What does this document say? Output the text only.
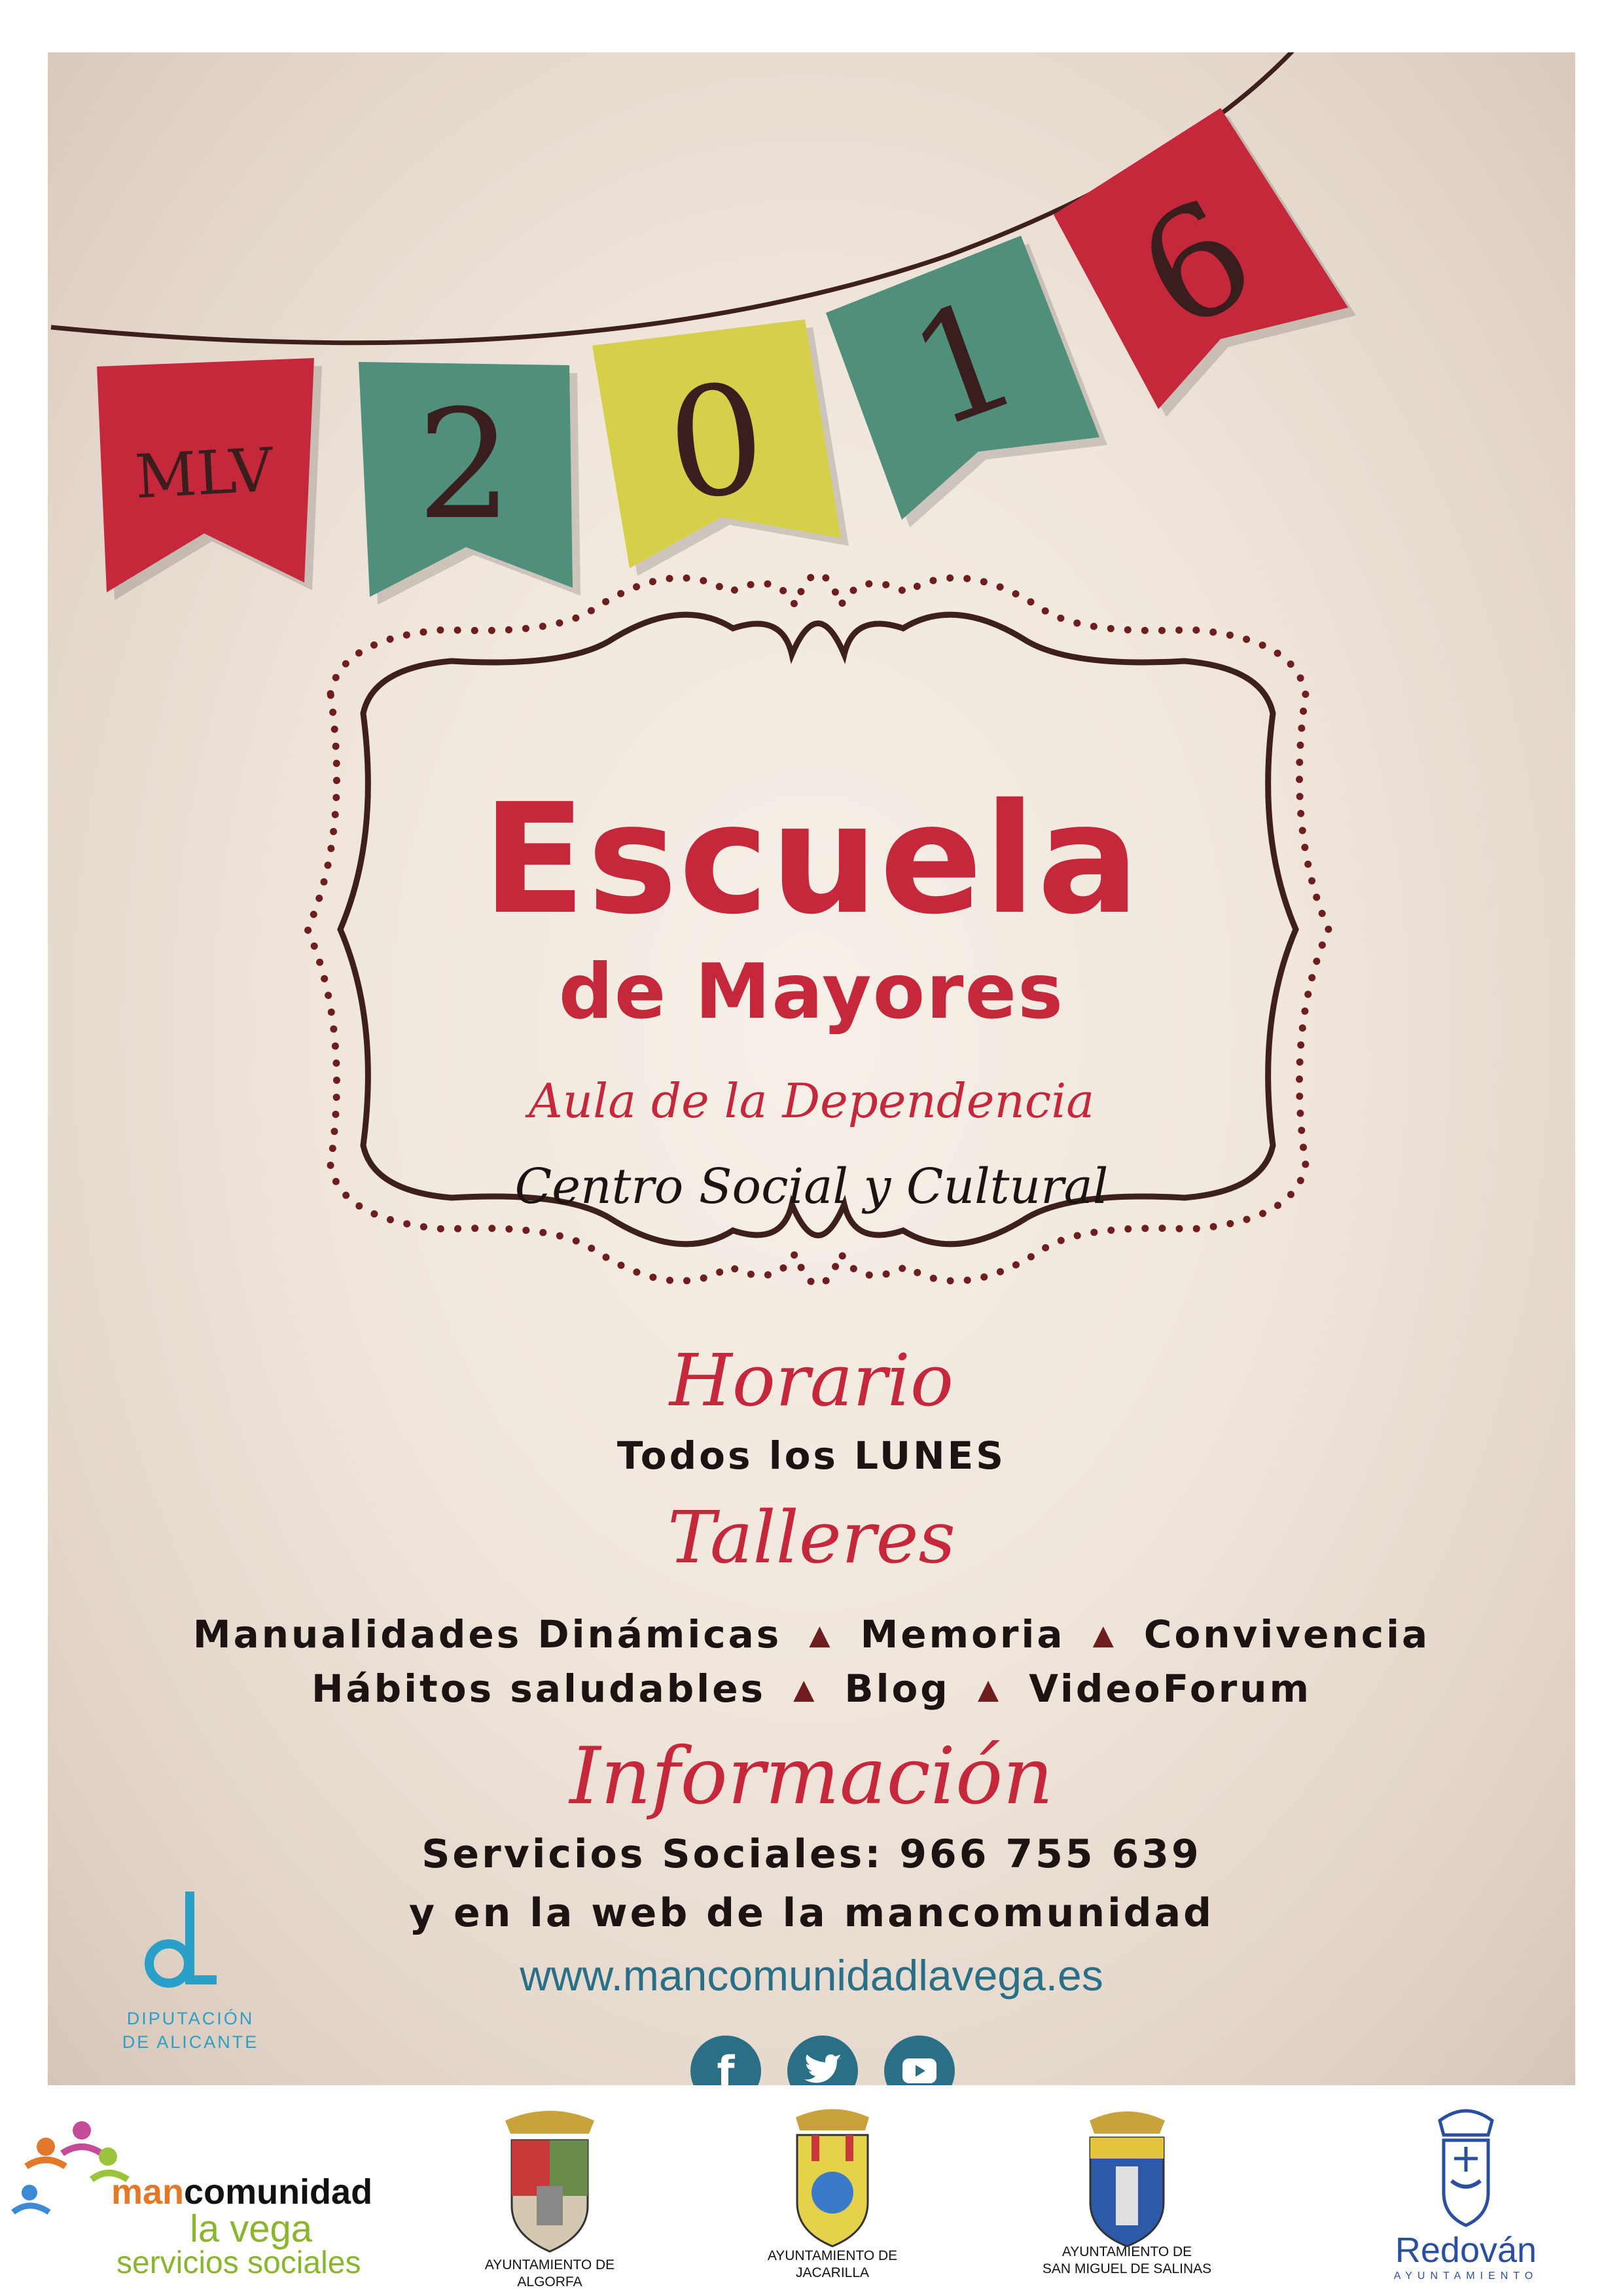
MLV 2 0 1 6
Escuela
de Mayores
Aula de la Dependencia
Centro Social y Cultural
Horario
Todos los LUNES
Talleres
Manualidades Dinámicas ▲ Memoria ▲ Convivencia
Hábitos saludables ▲ Blog ▲ VideoForum
Información
Servicios Sociales: 966 755 639
y en la web de la mancomunidad
www.mancomunidadlavega.es
f
DIPUTACIÓN
DE ALICANTE
mancomunidad
la vega
servicios sociales	AYUNTAMIENTO DE
ALGORFA
AYUNTAMIENTO DE
JACARILLA
AYUNTAMIENTO DE
SAN MIGUEL DE SALINAS	Redován
AYUNTAMIENTO
